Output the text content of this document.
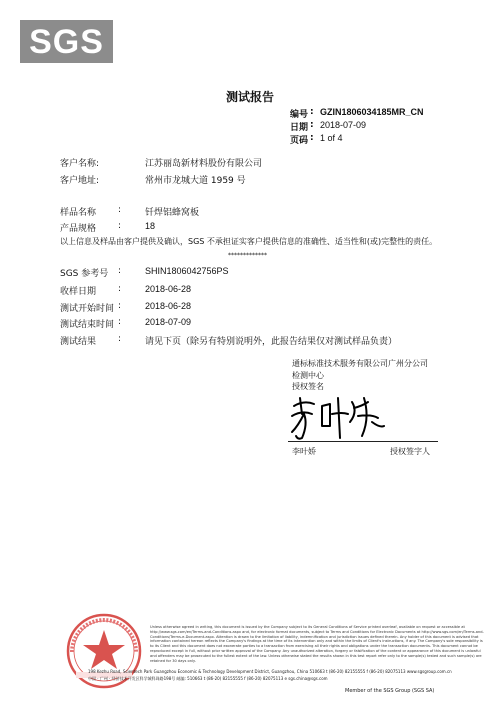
SGS
测试报告
编号 : GZIN1806034185MR_CN
日期 : 2018-07-09
页码 : 1 of 4
客户名称:	江苏丽岛新材料股份有限公司
客户地址:	常州市龙城大道 1959 号
样品名称 :	钎焊铝蜂窝板
产品规格 :	18
以上信息及样品由客户提供及确认，SGS 不承担证实客户提供信息的准确性、适当性和(或)完整性的责任。
*************
SGS 参考号 :	SHIN1806042756PS
收样日期 :	2018-06-28
测试开始时间 :	2018-06-28
测试结束时间 :	2018-07-09
测试结果 :	请见下页（除另有特别说明外，此报告结果仅对测试样品负责）
通标标准技术服务有限公司广州分公司
检测中心
授权签名
李叶娇	授权签字人
Unless otherwise agreed in writing, this document is issued by the Company subject to its General Conditions of Service printed overleaf, available on request or accessible at http://www.sgs.com/en/Terms-and-Conditions.aspx and, for electronic format documents, subject to Terms and Conditions for Electronic Documents at http://www.sgs.com/en/Terms-and-Conditions/Terms-e-Document.aspx. Attention is drawn to the limitation of liability, indemnification and jurisdiction issues defined therein. Any holder of this document is advised that information contained hereon reflects the Company's findings at the time of its intervention only and within the limits of Client's instructions, if any. The Company's sole responsibility is to its Client and this document does not exonerate parties to a transaction from exercising all their rights and obligations under the transaction documents. This document cannot be reproduced except in full, without prior written approval of the Company. Any unauthorized alteration, forgery or falsification of the content or appearance of this document is unlawful and offenders may be prosecuted to the fullest extent of the law. Unless otherwise stated the results shown in this test report refer only to the sample(s) tested and such sample(s) are retained for 30 days only.
198 Kezhu Road, Scientech Park Guangzhou Economic & Technology Development District, Guangzhou, China 510663 t (86-20) 82155555 f (86-20) 82075113 www.sgsgroup.com.cn
中国 · 广州 · 经济技术开发区科学城科珠路198号 邮编: 510663 t (86-20) 82155555 f (86-20) 82075113 e sgs.china@sgs.com
Member of the SGS Group (SGS SA)
